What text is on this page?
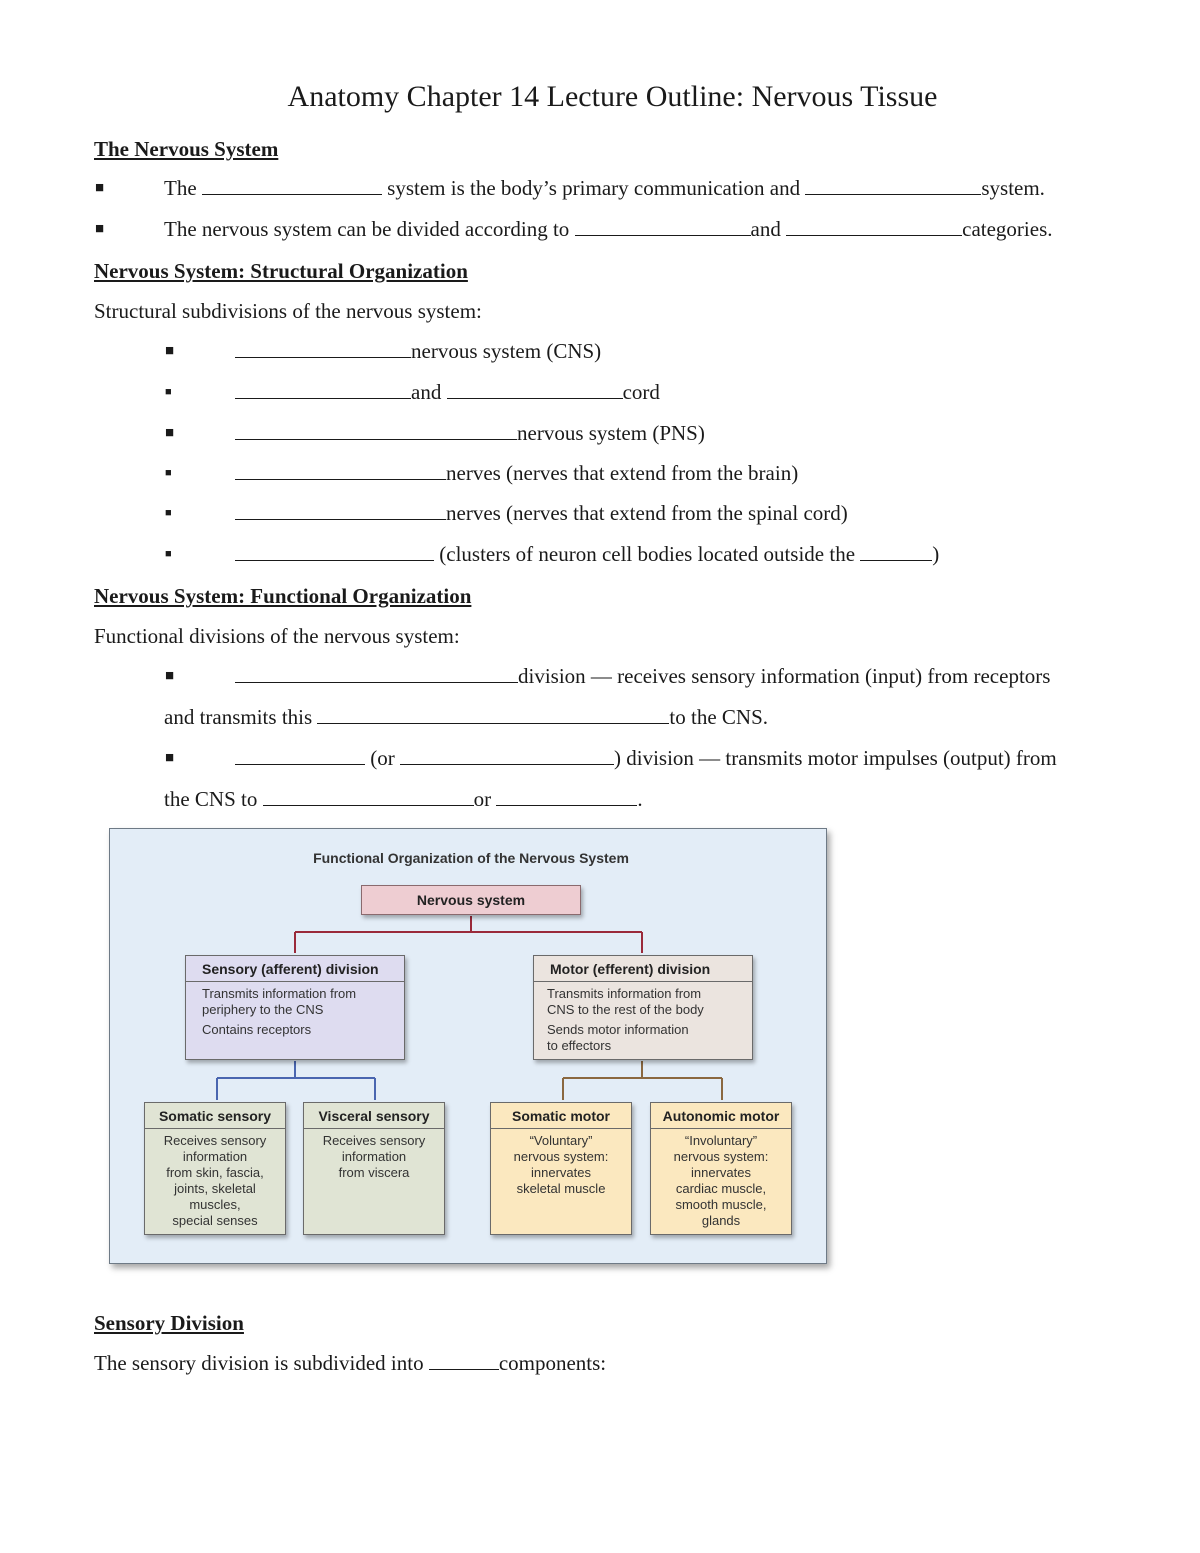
Anatomy Chapter 14 Lecture Outline: Nervous Tissue
The Nervous System
■	The	system is the body’s primary communication and	system.
■	The nervous system can be divided according to	and	categories.
Nervous System: Structural Organization
Structural subdivisions of the nervous system:
■	nervous system (CNS)
■	and	cord
■	nervous system (PNS)
■	nerves (nerves that extend from the brain)
■	nerves (nerves that extend from the spinal cord)
■	(clusters of neuron cell bodies located outside the	)
Nervous System: Functional Organization
Functional divisions of the nervous system:
■	division — receives sensory information (input) from receptors
and transmits this	to the CNS.
■	(or	) division — transmits motor impulses (output) from
the CNS to	or	.
Functional Organization of the Nervous System
Nervous system
Sensory (afferent) division
Transmits information from
periphery to the CNS
Contains receptors
Motor (efferent) division
Transmits information from
CNS to the rest of the body
Sends motor information
to effectors
Somatic sensory
Receives sensory
information
from skin, fascia,
joints, skeletal
muscles,
special senses
Visceral sensory
Receives sensory
information
from viscera
Somatic motor
“Voluntary”
nervous system:
innervates
skeletal muscle
Autonomic motor
“Involuntary”
nervous system:
innervates
cardiac muscle,
smooth muscle,
glands
Sensory Division
The sensory division is subdivided into	components:
